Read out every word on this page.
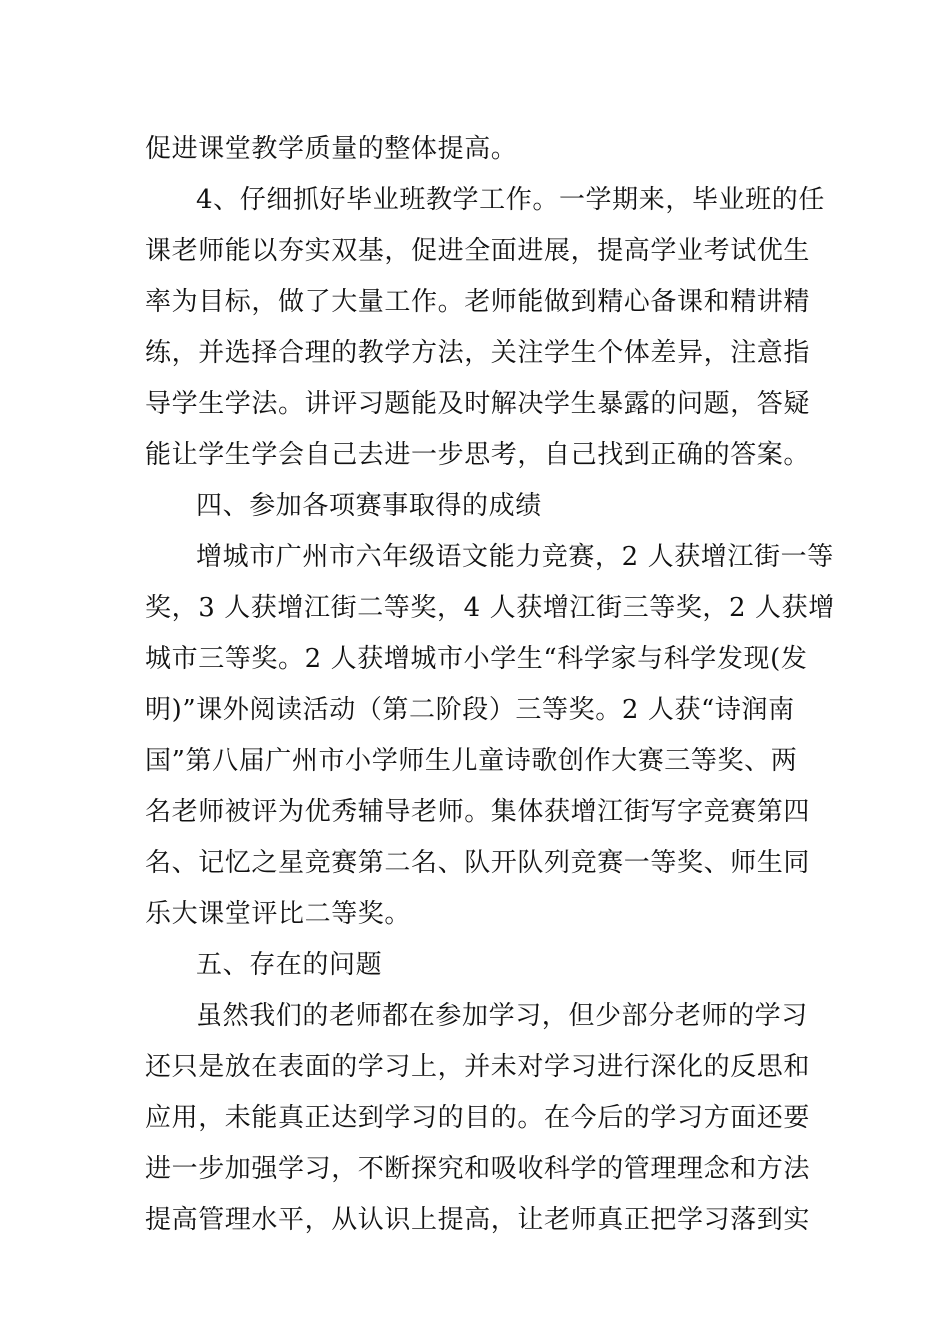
促进课堂教学质量的整体提高。
4、仔细抓好毕业班教学工作。一学期来，毕业班的任
课老师能以夯实双基，促进全面进展，提高学业考试优生
率为目标，做了大量工作。老师能做到精心备课和精讲精
练，并选择合理的教学方法，关注学生个体差异，注意指
导学生学法。讲评习题能及时解决学生暴露的问题，答疑
能让学生学会自己去进一步思考，自己找到正确的答案。
四、参加各项赛事取得的成绩
增城市广州市六年级语文能力竞赛，2 人获增江街一等
奖，3 人获增江街二等奖，4 人获增江街三等奖，2 人获增
城市三等奖。2 人获增城市小学生“科学家与科学发现(发
明)”课外阅读活动（第二阶段）三等奖。2 人获“诗润南
国”第八届广州市小学师生儿童诗歌创作大赛三等奖、两
名老师被评为优秀辅导老师。集体获增江街写字竞赛第四
名、记忆之星竞赛第二名、队开队列竞赛一等奖、师生同
乐大课堂评比二等奖。
五、存在的问题
虽然我们的老师都在参加学习，但少部分老师的学习
还只是放在表面的学习上，并未对学习进行深化的反思和
应用，未能真正达到学习的目的。在今后的学习方面还要
进一步加强学习，不断探究和吸收科学的管理理念和方法
提高管理水平，从认识上提高，让老师真正把学习落到实
